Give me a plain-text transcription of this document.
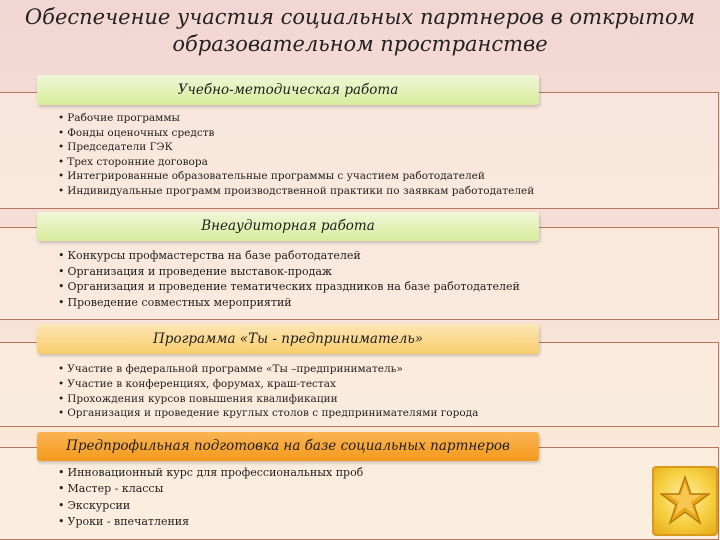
Обеспечение участия социальных партнеров в открытом
образовательном пространстве
• Рабочие программы
• Фонды оценочных средств
• Председатели ГЭК
• Трех сторонние договора
• Интегрированные образовательные программы с участием работодателей
• Индивидуальные программ производственной практики по заявкам работодателей
Учебно-методическая работа
• Конкурсы профмастерства на базе работодателей
• Организация и проведение выставок-продаж
• Организация и проведение тематических праздников на базе работодателей
• Проведение совместных мероприятий
Внеаудиторная работа
• Участие в федеральной программе «Ты –предприниматель»
• Участие в конференциях, форумах, краш-тестах
• Прохождения курсов повышения квалификации
• Организация и проведение круглых столов с предпринимателями города
Программа «Ты - предприниматель»
• Инновационный курс для профессиональных проб
• Мастер - классы
• Экскурсии
• Уроки - впечатления
Предпрофильная подготовка на базе социальных партнеров
